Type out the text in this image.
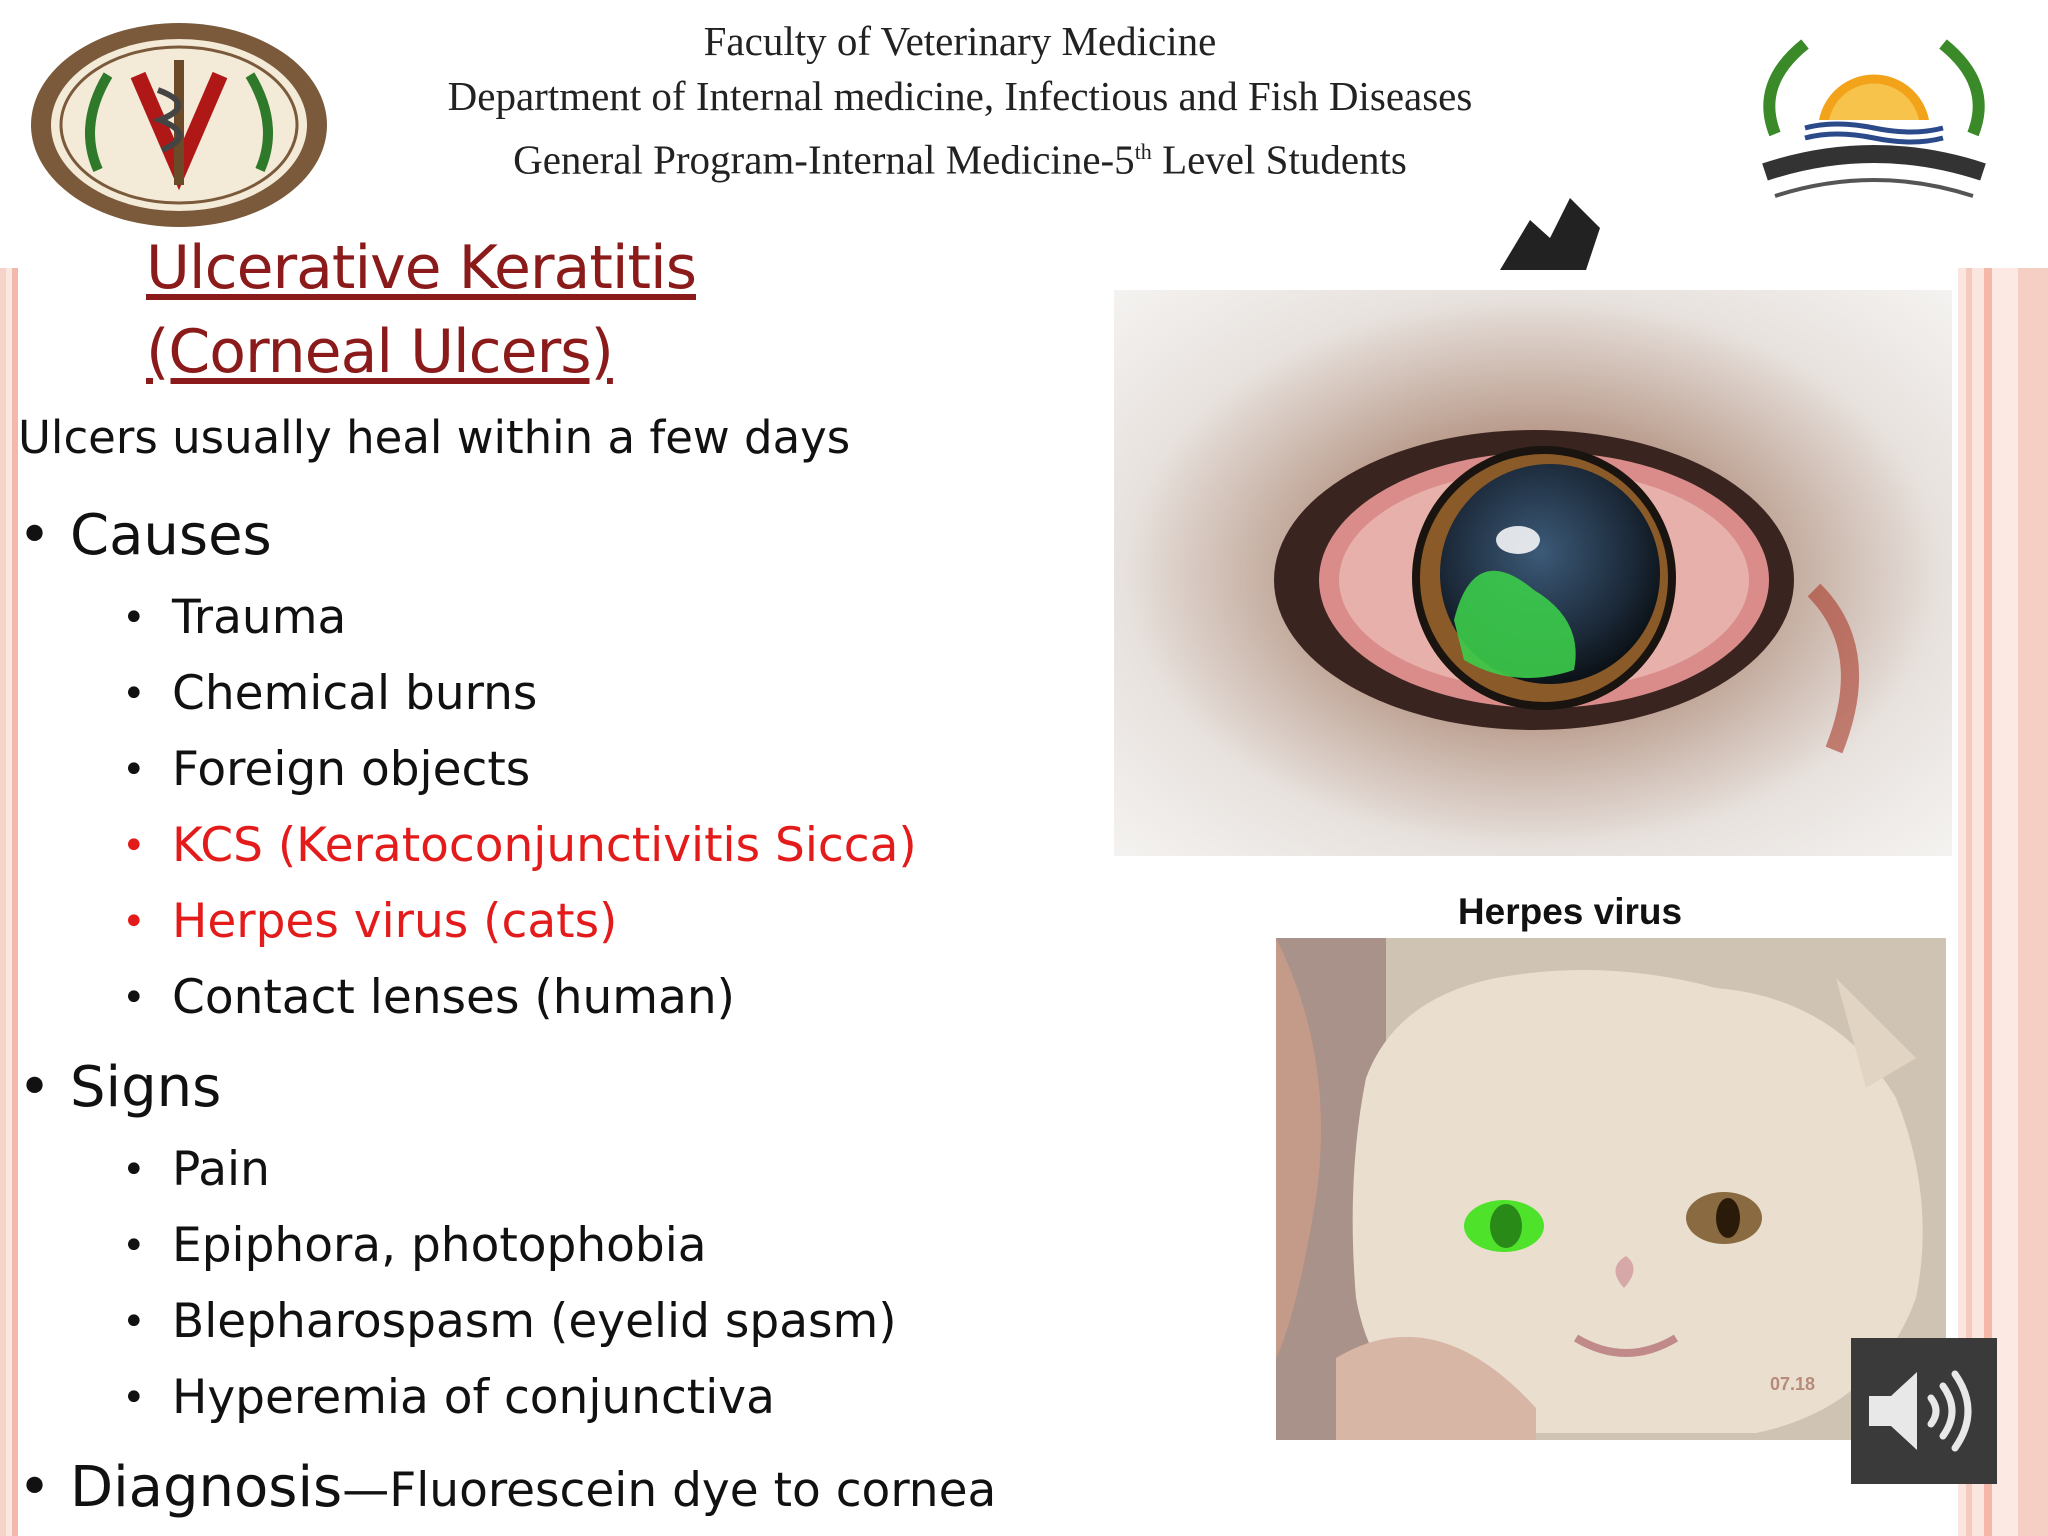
Faculty of Veterinary Medicine
Department of Internal medicine, Infectious and Fish Diseases
General Program-Internal Medicine-5th Level Students
Ulcerative Keratitis
(Corneal Ulcers)
Ulcers usually heal within a few days

• Causes

• Trauma

• Chemical burns

• Foreign objects

• KCS (Keratoconjunctivitis Sicca)

• Herpes virus (cats)

• Contact lenses (human)

• Signs

• Pain

• Epiphora, photophobia

• Blepharospasm (eyelid spasm)

• Hyperemia of conjunctiva

• Diagnosis—Fluorescein dye to cornea

Herpes virus
07.18
